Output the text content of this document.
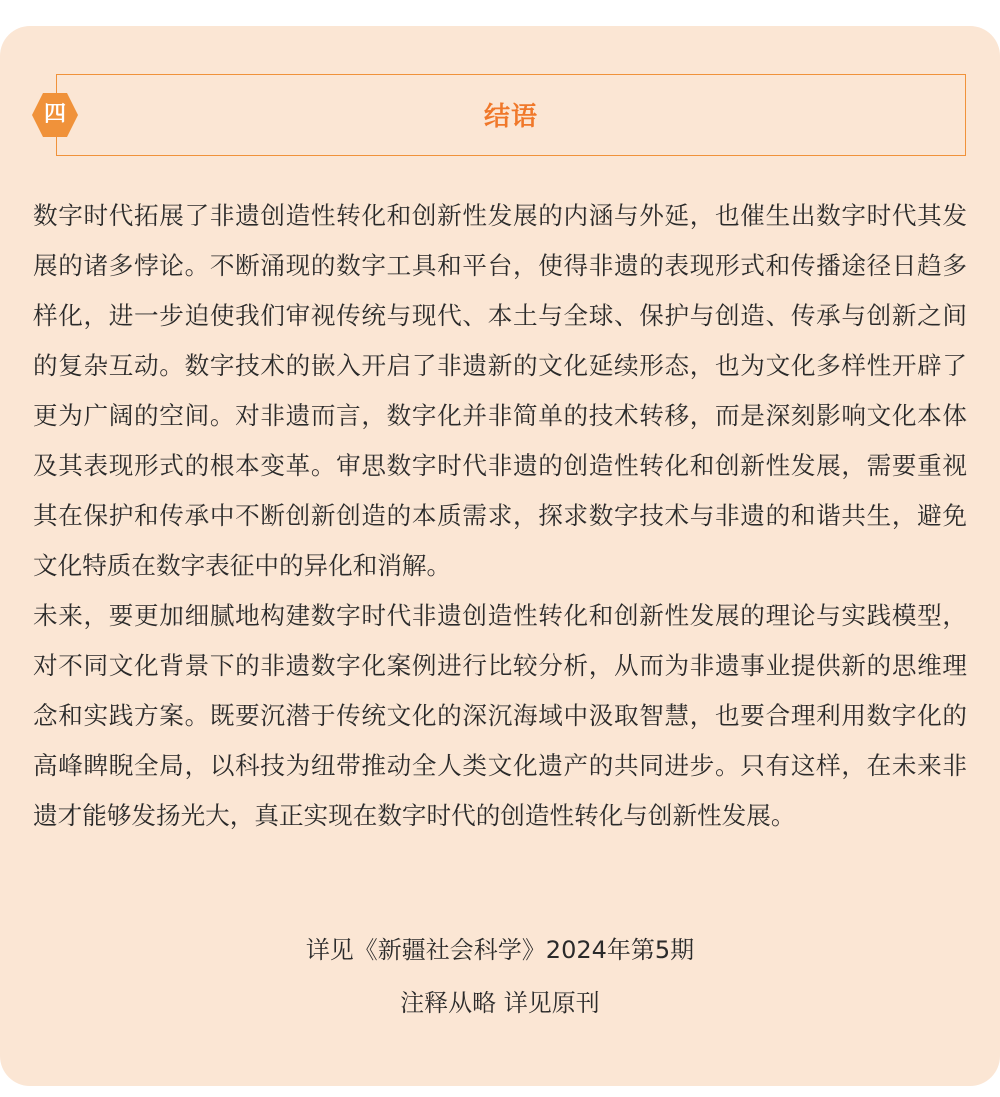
四	结语

数字时代拓展了非遗创造性转化和创新性发展的内涵与外延，也催生出数字时代其发展的诸多悖论。不断涌现的数字工具和平台，使得非遗的表现形式和传播途径日趋多样化，进一步迫使我们审视传统与现代、本土与全球、保护与创造、传承与创新之间的复杂互动。数字技术的嵌入开启了非遗新的文化延续形态，也为文化多样性开辟了更为广阔的空间。对非遗而言，数字化并非简单的技术转移，而是深刻影响文化本体及其表现形式的根本变革。审思数字时代非遗的创造性转化和创新性发展，需要重视其在保护和传承中不断创新创造的本质需求，探求数字技术与非遗的和谐共生，避免文化特质在数字表征中的异化和消解。

未来，要更加细腻地构建数字时代非遗创造性转化和创新性发展的理论与实践模型，对不同文化背景下的非遗数字化案例进行比较分析，从而为非遗事业提供新的思维理念和实践方案。既要沉潜于传统文化的深沉海域中汲取智慧，也要合理利用数字化的高峰睥睨全局，以科技为纽带推动全人类文化遗产的共同进步。只有这样，在未来非遗才能够发扬光大，真正实现在数字时代的创造性转化与创新性发展。

详见《新疆社会科学》2024年第5期
注释从略 详见原刊
